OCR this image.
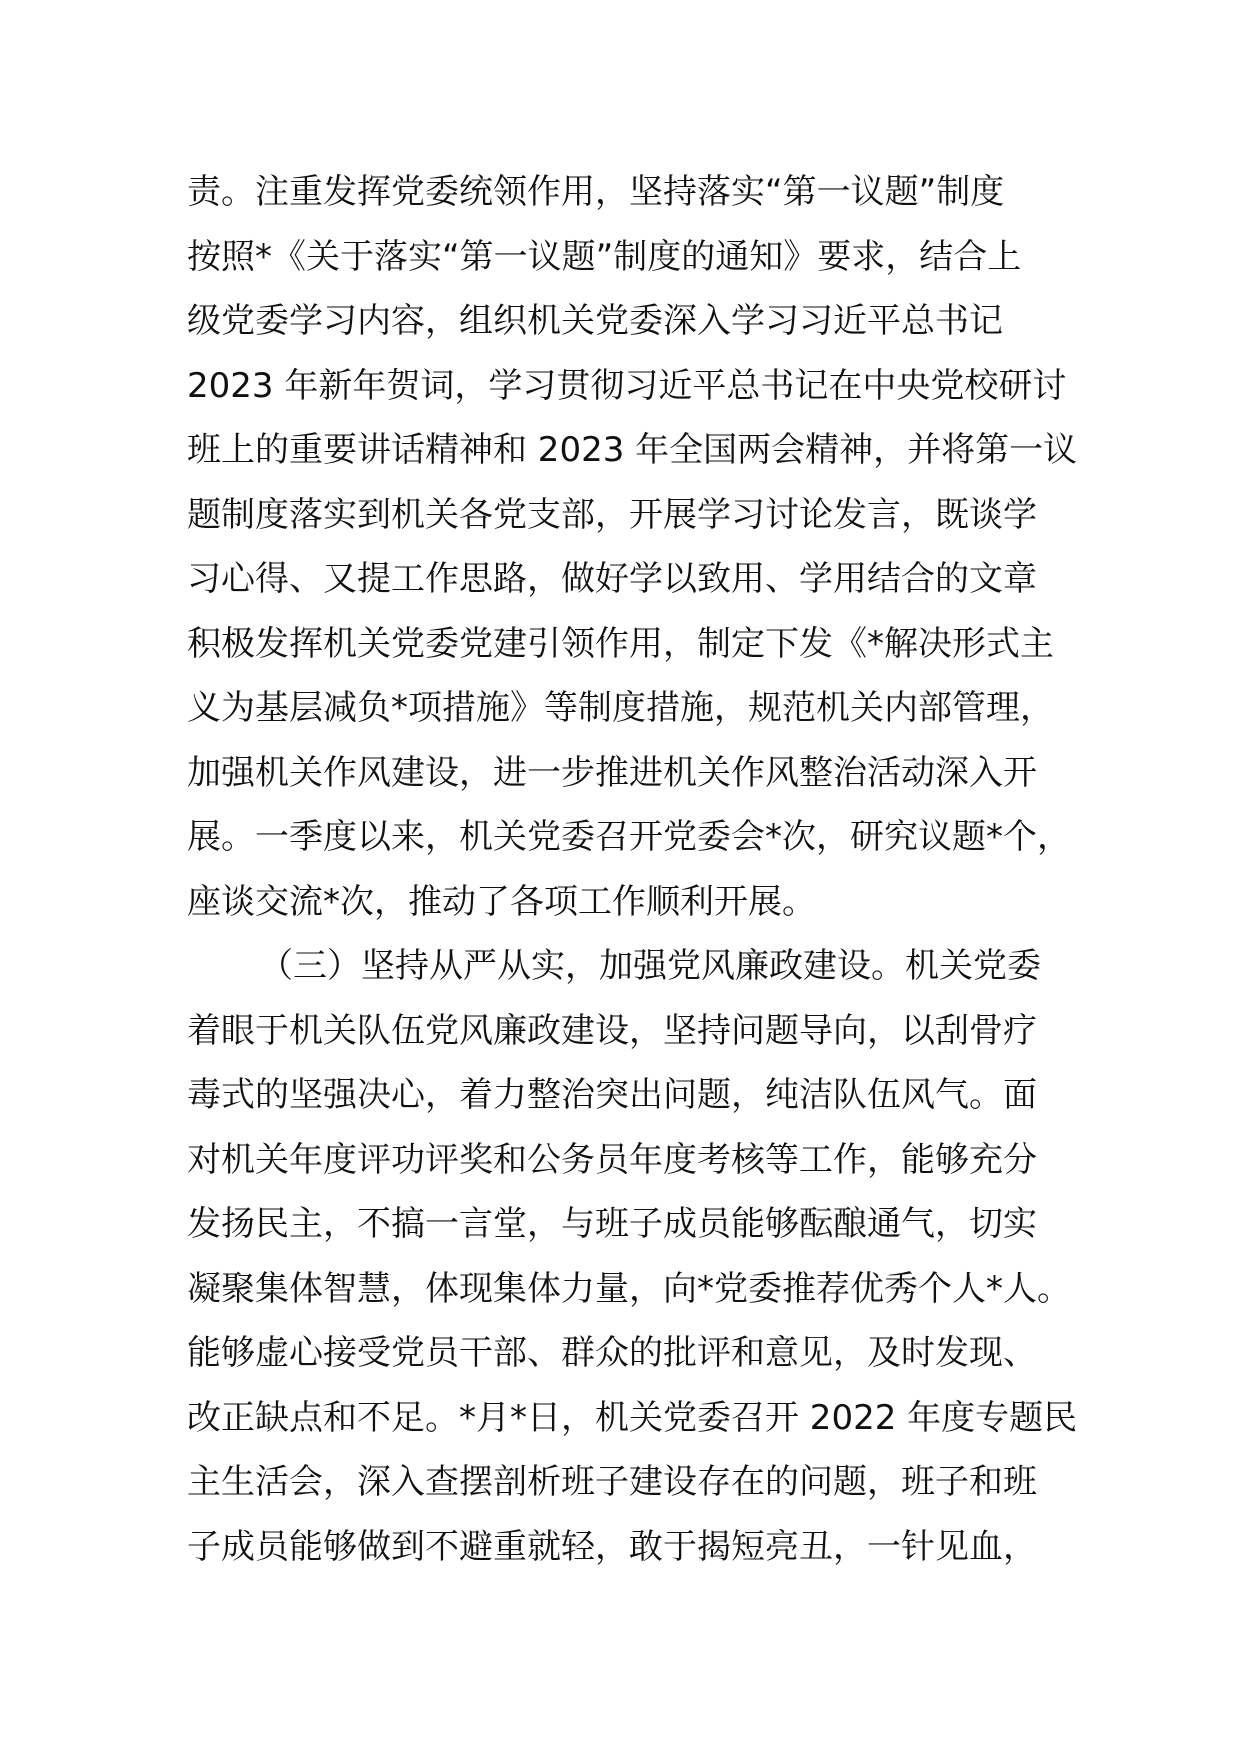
责。注重发挥党委统领作用，坚持落实“第一议题”制度
按照*《关于落实“第一议题”制度的通知》要求，结合上
级党委学习内容，组织机关党委深入学习习近平总书记
2023 年新年贺词，学习贯彻习近平总书记在中央党校研讨
班上的重要讲话精神和 2023 年全国两会精神，并将第一议
题制度落实到机关各党支部，开展学习讨论发言，既谈学
习心得、又提工作思路，做好学以致用、学用结合的文章
积极发挥机关党委党建引领作用，制定下发《*解决形式主
义为基层减负*项措施》等制度措施，规范机关内部管理，
加强机关作风建设，进一步推进机关作风整治活动深入开
展。一季度以来，机关党委召开党委会*次，研究议题*个，
座谈交流*次，推动了各项工作顺利开展。
（三）坚持从严从实，加强党风廉政建设。机关党委
着眼于机关队伍党风廉政建设，坚持问题导向，以刮骨疗
毒式的坚强决心，着力整治突出问题，纯洁队伍风气。面
对机关年度评功评奖和公务员年度考核等工作，能够充分
发扬民主，不搞一言堂，与班子成员能够酝酿通气，切实
凝聚集体智慧，体现集体力量，向*党委推荐优秀个人*人。
能够虚心接受党员干部、群众的批评和意见，及时发现、
改正缺点和不足。*月*日，机关党委召开 2022 年度专题民
主生活会，深入查摆剖析班子建设存在的问题，班子和班
子成员能够做到不避重就轻，敢于揭短亮丑，一针见血，
